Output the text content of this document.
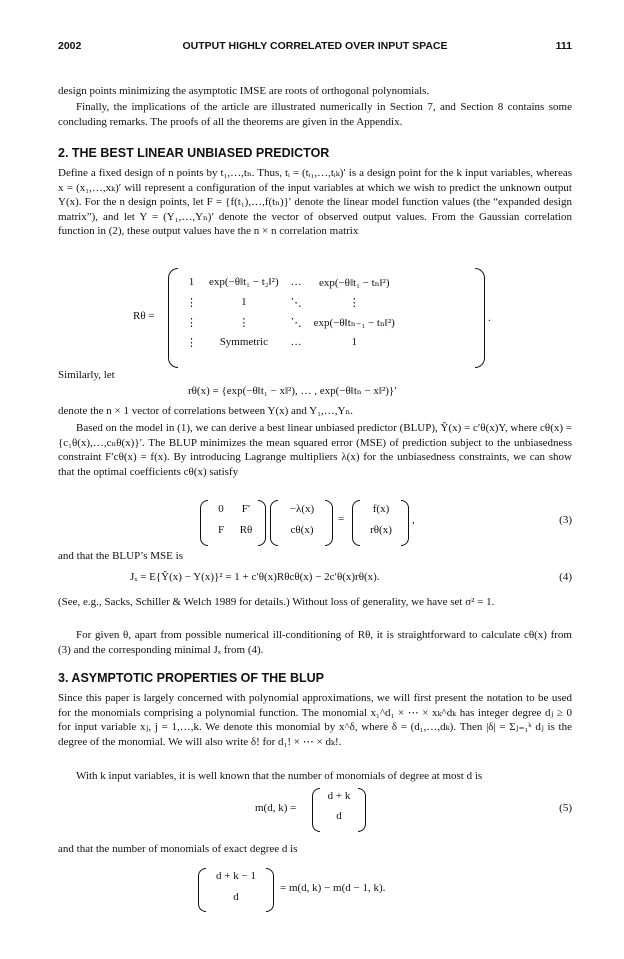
2002	OUTPUT HIGHLY CORRELATED OVER INPUT SPACE	111
design points minimizing the asymptotic IMSE are roots of orthogonal polynomials.
Finally, the implications of the article are illustrated numerically in Section 7, and Section 8 contains some concluding remarks. The proofs of all the theorems are given in the Appendix.
2. THE BEST LINEAR UNBIASED PREDICTOR
Define a fixed design of n points by t₁,…,tₙ. Thus, tᵢ = (tᵢ₁,…,tᵢₖ)′ is a design point for the k input variables, whereas x = (x₁,…,xₖ)′ will represent a configuration of the input variables at which we wish to predict the unknown output Y(x). For the n design points, let F = {f(t₁),…,f(tₙ)}′ denote the linear model function values (the “expanded design matrix”), and let Y = (Y₁,…,Yₙ)′ denote the vector of observed output values. From the Gaussian correlation function in (2), these output values have the n × n correlation matrix
Rθ =
1	exp(−θ‖t₁ − t₂‖²)	…	exp(−θ‖t₁ − tₙ‖²)
⋮	1	⋱	⋮
⋮	⋮	⋱	exp(−θ‖tₙ₋₁ − tₙ‖²)
⋮	Symmetric	…	1
.
Similarly, let
rθ(x) = {exp(−θ‖t₁ − x‖²), … , exp(−θ‖tₙ − x‖²)}′
denote the n × 1 vector of correlations between Y(x) and Y₁,…,Yₙ.
Based on the model in (1), we can derive a best linear unbiased predictor (BLUP), Ŷ(x) = c′θ(x)Y, where cθ(x) = {c₁θ(x),…,cₙθ(x)}′. The BLUP minimizes the mean squared error (MSE) of prediction subject to the unbiasedness constraint F′cθ(x) = f(x). By introducing Lagrange multipliers λ(x) for the unbiasedness constraints, we can show that the optimal coefficients cθ(x) satisfy
0	F′
F	Rθ
−λ(x)
cθ(x)
=
f(x)
rθ(x)
,	(3)
and that the BLUP’s MSE is
Jₓ = E{Ŷ(x) − Y(x)}² = 1 + c′θ(x)Rθcθ(x) − 2c′θ(x)rθ(x).	(4)
(See, e.g., Sacks, Schiller & Welch 1989 for details.) Without loss of generality, we have set σ² = 1.
For given θ, apart from possible numerical ill-conditioning of Rθ, it is straightforward to calculate cθ(x) from (3) and the corresponding minimal Jₓ from (4).
3. ASYMPTOTIC PROPERTIES OF THE BLUP
Since this paper is largely concerned with polynomial approximations, we will first present the notation to be used for the monomials comprising a polynomial function. The monomial x₁^d₁ × ⋯ × xₖ^dₖ has integer degree dⱼ ≥ 0 for input variable xⱼ, j = 1,…,k. We denote this monomial by x^δ, where δ = (d₁,…,dₖ). Then |δ| = Σⱼ₌₁ᵏ dⱼ is the degree of the monomial. We will also write δ! for d₁! × ⋯ × dₖ!.
With k input variables, it is well known that the number of monomials of degree at most d is
m(d, k) =
d + k
d
(5)
and that the number of monomials of exact degree d is
d + k − 1
d
= m(d, k) − m(d − 1, k).
